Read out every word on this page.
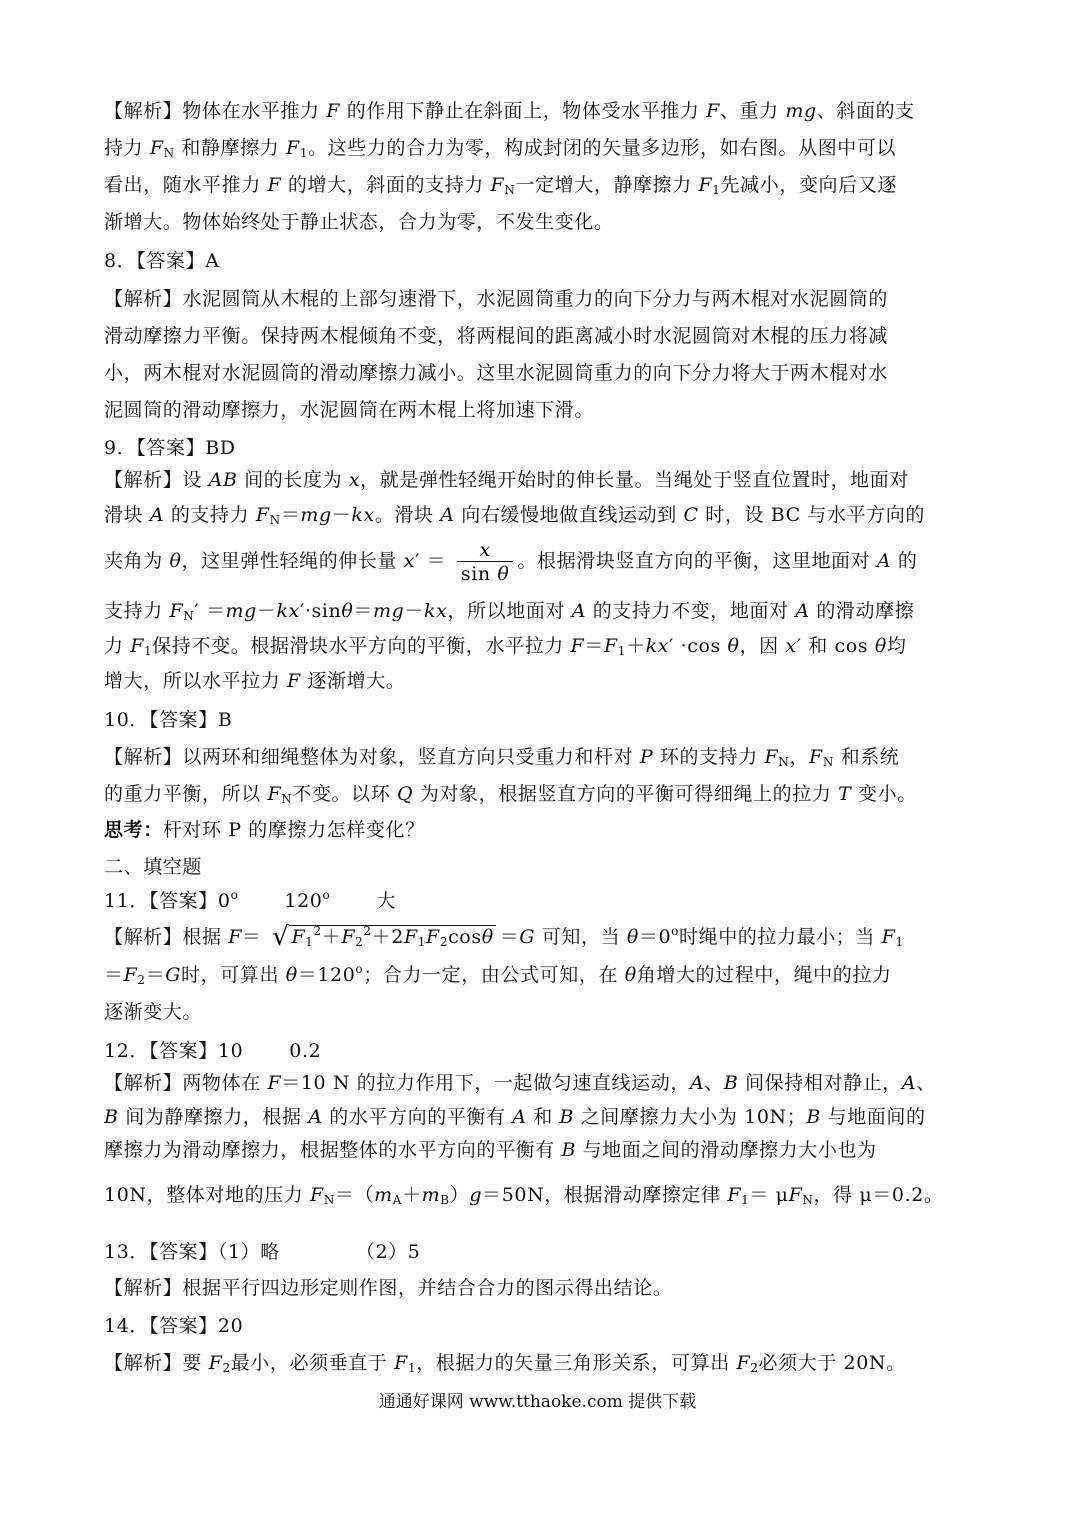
【解析】物体在水平推力 F 的作用下静止在斜面上，物体受水平推力 F、重力 mg、斜面的支
持力 $F_N$ 和静摩擦力 $F_1$。这些力的合力为零，构成封闭的矢量多边形，如右图。从图中可以
看出，随水平推力 F 的增大，斜面的支持力 $F_N$一定增大，静摩擦力 $F_1$先减小，变向后又逐
渐增大。物体始终处于静止状态，合力为零，不发生变化。
8．【答案】A
【解析】水泥圆筒从木棍的上部匀速滑下，水泥圆筒重力的向下分力与两木棍对水泥圆筒的
滑动摩擦力平衡。保持两木棍倾角不变，将两棍间的距离减小时水泥圆筒对木棍的压力将减
小，两木棍对水泥圆筒的滑动摩擦力减小。这里水泥圆筒重力的向下分力将大于两木棍对水
泥圆筒的滑动摩擦力，水泥圆筒在两木棍上将加速下滑。
9．【答案】BD
【解析】设 AB 间的长度为 x，就是弹性轻绳开始时的伸长量。当绳处于竖直位置时，地面对
滑块 A 的支持力 $F_N=mg-kx$。滑块 A 向右缓慢地做直线运动到 C 时，设 BC 与水平方向的
夹角为 θ，这里弹性轻绳的伸长量 $x' = \frac{x}{\text{sin θ}}$ 。根据滑块竖直方向的平衡，这里地面对 A 的
支持力 $F_N' =mg-kx'\cdot\sin\theta=mg-kx$，所以地面对 A 的支持力不变，地面对 A 的滑动摩擦
力 $F_1$保持不变。根据滑块水平方向的平衡，水平拉力 $F=F_1+kx' \cdot\cos$ θ，因 x′ 和 cos θ均
增大，所以水平拉力 F 逐渐增大。
10．【答案】B
【解析】以两环和细绳整体为对象，竖直方向只受重力和杆对 P 环的支持力 $F_N$，$F_N$ 和系统
的重力平衡，所以 $F_N$不变。以环 Q 为对象，根据竖直方向的平衡可得细绳上的拉力 T 变小。
思考：杆对环 P 的摩擦力怎样变化？
二、填空题
11．【答案】0$^o$ 120$^o$ 大
【解析】根据 F＝ √ $F_1^2+F_2^2+2F_1F_2\cos\theta =G$ 可知，当 $\theta=0^o$时绳中的拉力最小；当 $F_1$
$=F_2=G$时，可算出 $\theta=120^o$；合力一定，由公式可知，在 θ角增大的过程中，绳中的拉力
逐渐变大。
12．【答案】10 0.2
【解析】两物体在 F＝10 N 的拉力作用下，一起做匀速直线运动，A、B 间保持相对静止，A、
B 间为静摩擦力，根据 A 的水平方向的平衡有 A 和 B 之间摩擦力大小为 10N；B 与地面间的
摩擦力为滑动摩擦力，根据整体的水平方向的平衡有 B 与地面之间的滑动摩擦力大小也为
10N，整体对地的压力 $F_N=(m_A+m_B)g=50N$，根据滑动摩擦定律 $F_1= \mu F_N$，得 μ＝0.2。
13．【答案】（1）略	（2）5
【解析】根据平行四边形定则作图，并结合合力的图示得出结论。
14．【答案】20
【解析】要 $F_2$最小，必须垂直于 $F_1$，根据力的矢量三角形关系，可算出 $F_2$必须大于 20N。
通通好课网 www.tthaoke.com 提供下载
